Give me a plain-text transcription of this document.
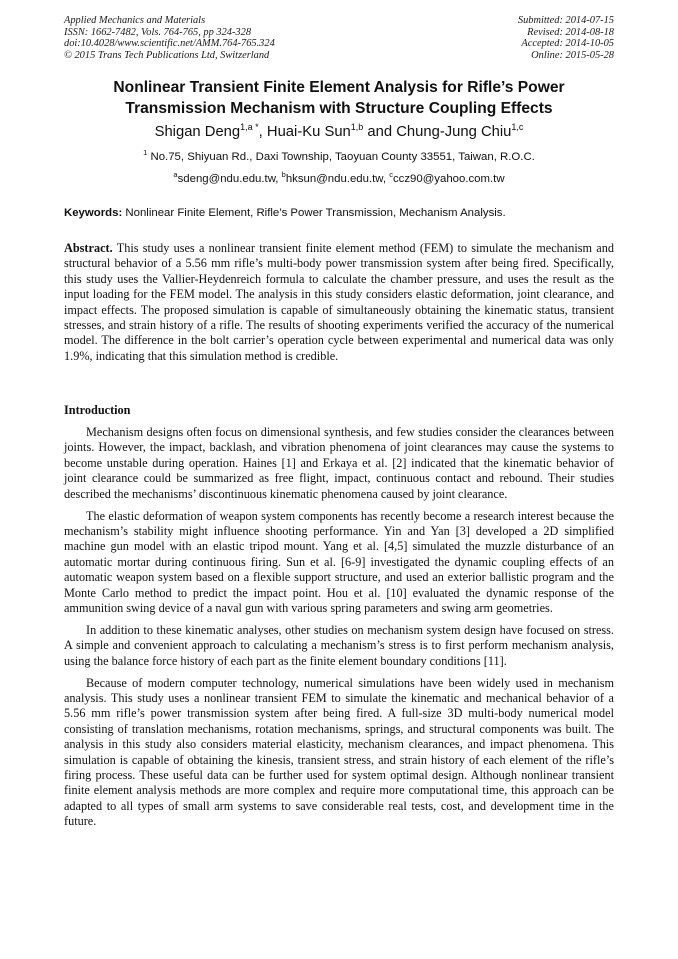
Applied Mechanics and Materials
ISSN: 1662-7482, Vols. 764-765, pp 324-328
doi:10.4028/www.scientific.net/AMM.764-765.324
© 2015 Trans Tech Publications Ltd, Switzerland
Submitted: 2014-07-15
Revised: 2014-08-18
Accepted: 2014-10-05
Online: 2015-05-28
Nonlinear Transient Finite Element Analysis for Rifle’s Power
Transmission Mechanism with Structure Coupling Effects
Shigan Deng$^{1,a *}$, Huai-Ku Sun$^{1,b}$ and Chung-Jung Chiu$^{1,c}$
$^1$ No.75, Shiyuan Rd., Daxi Township, Taoyuan County 33551, Taiwan, R.O.C.
$^a$sdeng@ndu.edu.tw, $^b$hksun@ndu.edu.tw, $^c$ccz90@yahoo.com.tw
Keywords: Nonlinear Finite Element, Rifle’s Power Transmission, Mechanism Analysis.
Abstract. This study uses a nonlinear transient finite element method (FEM) to simulate the mechanism and structural behavior of a 5.56 mm rifle’s multi-body power transmission system after being fired. Specifically, this study uses the Vallier-Heydenreich formula to calculate the chamber pressure, and uses the result as the input loading for the FEM model. The analysis in this study considers elastic deformation, joint clearance, and impact effects. The proposed simulation is capable of simultaneously obtaining the kinematic status, transient stresses, and strain history of a rifle. The results of shooting experiments verified the accuracy of the numerical model. The difference in the bolt carrier’s operation cycle between experimental and numerical data was only 1.9%, indicating that this simulation method is credible.
Introduction

Mechanism designs often focus on dimensional synthesis, and few studies consider the clearances between joints. However, the impact, backlash, and vibration phenomena of joint clearances may cause the systems to become unstable during operation. Haines [1] and Erkaya et al. [2] indicated that the kinematic behavior of joint clearance could be summarized as free flight, impact, continuous contact and rebound. Their studies described the mechanisms’ discontinuous kinematic phenomena caused by joint clearance.

The elastic deformation of weapon system components has recently become a research interest because the mechanism’s stability might influence shooting performance. Yin and Yan [3] developed a 2D simplified machine gun model with an elastic tripod mount. Yang et al. [4,5] simulated the muzzle disturbance of an automatic mortar during continuous firing. Sun et al. [6-9] investigated the dynamic coupling effects of an automatic weapon system based on a flexible support structure, and used an exterior ballistic program and the Monte Carlo method to predict the impact point. Hou et al. [10] evaluated the dynamic response of the ammunition swing device of a naval gun with various spring parameters and swing arm geometries.

In addition to these kinematic analyses, other studies on mechanism system design have focused on stress. A simple and convenient approach to calculating a mechanism’s stress is to first perform mechanism analysis, using the balance force history of each part as the finite element boundary conditions [11].

Because of modern computer technology, numerical simulations have been widely used in mechanism analysis. This study uses a nonlinear transient FEM to simulate the kinematic and mechanical behavior of a 5.56 mm rifle’s power transmission system after being fired. A full-size 3D multi-body numerical model consisting of translation mechanisms, rotation mechanisms, springs, and structural components was built. The analysis in this study also considers material elasticity, mechanism clearances, and impact phenomena. This simulation is capable of obtaining the kinesis, transient stress, and strain history of each element of the rifle’s firing process. These useful data can be further used for system optimal design. Although nonlinear transient finite element analysis methods are more complex and require more computational time, this approach can be adapted to all types of small arm systems to save considerable real tests, cost, and development time in the future.
